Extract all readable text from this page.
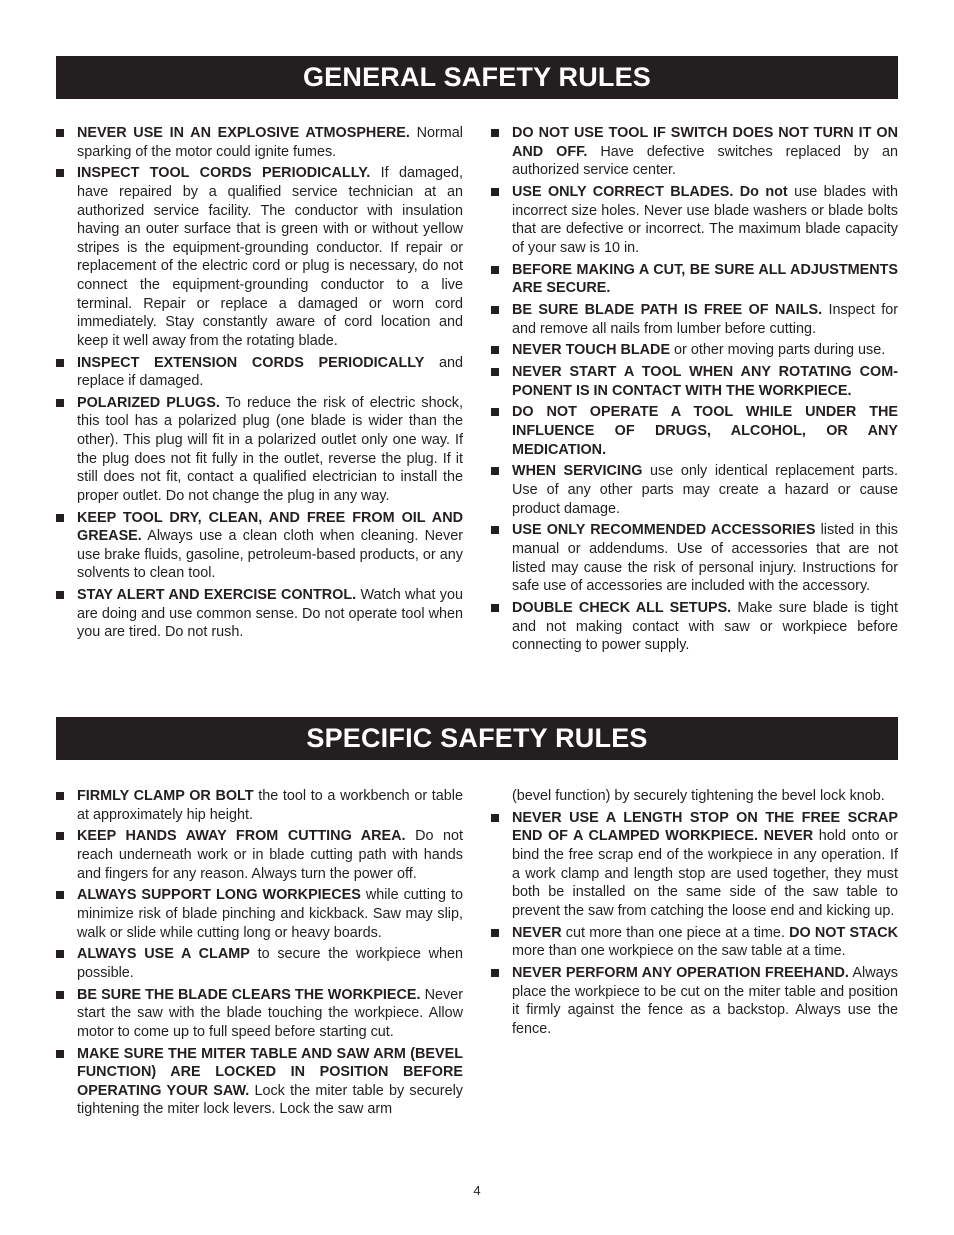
GENERAL SAFETY RULES
NEVER USE IN AN EXPLOSIVE ATMOSPHERE. Normal sparking of the motor could ignite fumes.
INSPECT TOOL CORDS PERIODICALLY. If damaged, have repaired by a qualified service technician at an authorized service facility. The conductor with insulation having an outer surface that is green with or without yellow stripes is the equipment-grounding conductor. If repair or replacement of the electric cord or plug is necessary, do not connect the equipment-grounding conductor to a live terminal. Repair or replace a damaged or worn cord immediately. Stay constantly aware of cord location and keep it well away from the rotating blade.
INSPECT EXTENSION CORDS PERIODICALLY and replace if damaged.
POLARIZED PLUGS. To reduce the risk of electric shock, this tool has a polarized plug (one blade is wider than the other). This plug will fit in a polarized outlet only one way. If the plug does not fit fully in the outlet, reverse the plug. If it still does not fit, contact a qualified electrician to install the proper outlet. Do not change the plug in any way.
KEEP TOOL DRY, CLEAN, AND FREE FROM OIL AND GREASE. Always use a clean cloth when cleaning. Never use brake fluids, gasoline, petroleum-based products, or any solvents to clean tool.
STAY ALERT AND EXERCISE CONTROL. Watch what you are doing and use common sense. Do not operate tool when you are tired. Do not rush.
DO NOT USE TOOL IF SWITCH DOES NOT TURN IT ON AND OFF. Have defective switches replaced by an authorized service center.
USE ONLY CORRECT BLADES. Do not use blades with incorrect size holes. Never use blade washers or blade bolts that are defective or incorrect. The maximum blade capacity of your saw is 10 in.
BEFORE MAKING A CUT, BE SURE ALL ADJUSTMENTS ARE SECURE.
BE SURE BLADE PATH IS FREE OF NAILS. Inspect for and remove all nails from lumber before cutting.
NEVER TOUCH BLADE or other moving parts during use.
NEVER START A TOOL WHEN ANY ROTATING COMPONENT IS IN CONTACT WITH THE WORKPIECE.
DO NOT OPERATE A TOOL WHILE UNDER THE INFLUENCE OF DRUGS, ALCOHOL, OR ANY MEDICATION.
WHEN SERVICING use only identical replacement parts. Use of any other parts may create a hazard or cause product damage.
USE ONLY RECOMMENDED ACCESSORIES listed in this manual or addendums. Use of accessories that are not listed may cause the risk of personal injury. Instructions for safe use of accessories are included with the accessory.
DOUBLE CHECK ALL SETUPS. Make sure blade is tight and not making contact with saw or workpiece before connecting to power supply.
SPECIFIC SAFETY RULES
FIRMLY CLAMP OR BOLT the tool to a workbench or table at approximately hip height.
KEEP HANDS AWAY FROM CUTTING AREA. Do not reach underneath work or in blade cutting path with hands and fingers for any reason. Always turn the power off.
ALWAYS SUPPORT LONG WORKPIECES while cutting to minimize risk of blade pinching and kickback. Saw may slip, walk or slide while cutting long or heavy boards.
ALWAYS USE A CLAMP to secure the workpiece when possible.
BE SURE THE BLADE CLEARS THE WORKPIECE. Never start the saw with the blade touching the workpiece. Allow motor to come up to full speed before starting cut.
MAKE SURE THE MITER TABLE AND SAW ARM (BEVEL FUNCTION) ARE LOCKED IN POSITION BEFORE OPERATING YOUR SAW. Lock the miter table by securely tightening the miter lock levers. Lock the saw arm
(bevel function) by securely tightening the bevel lock knob.
NEVER USE A LENGTH STOP ON THE FREE SCRAP END OF A CLAMPED WORKPIECE. NEVER hold onto or bind the free scrap end of the workpiece in any operation. If a work clamp and length stop are used together, they must both be installed on the same side of the saw table to prevent the saw from catching the loose end and kicking up.
NEVER cut more than one piece at a time. DO NOT STACK more than one workpiece on the saw table at a time.
NEVER PERFORM ANY OPERATION FREEHAND. Always place the workpiece to be cut on the miter table and position it firmly against the fence as a backstop. Always use the fence.
4
